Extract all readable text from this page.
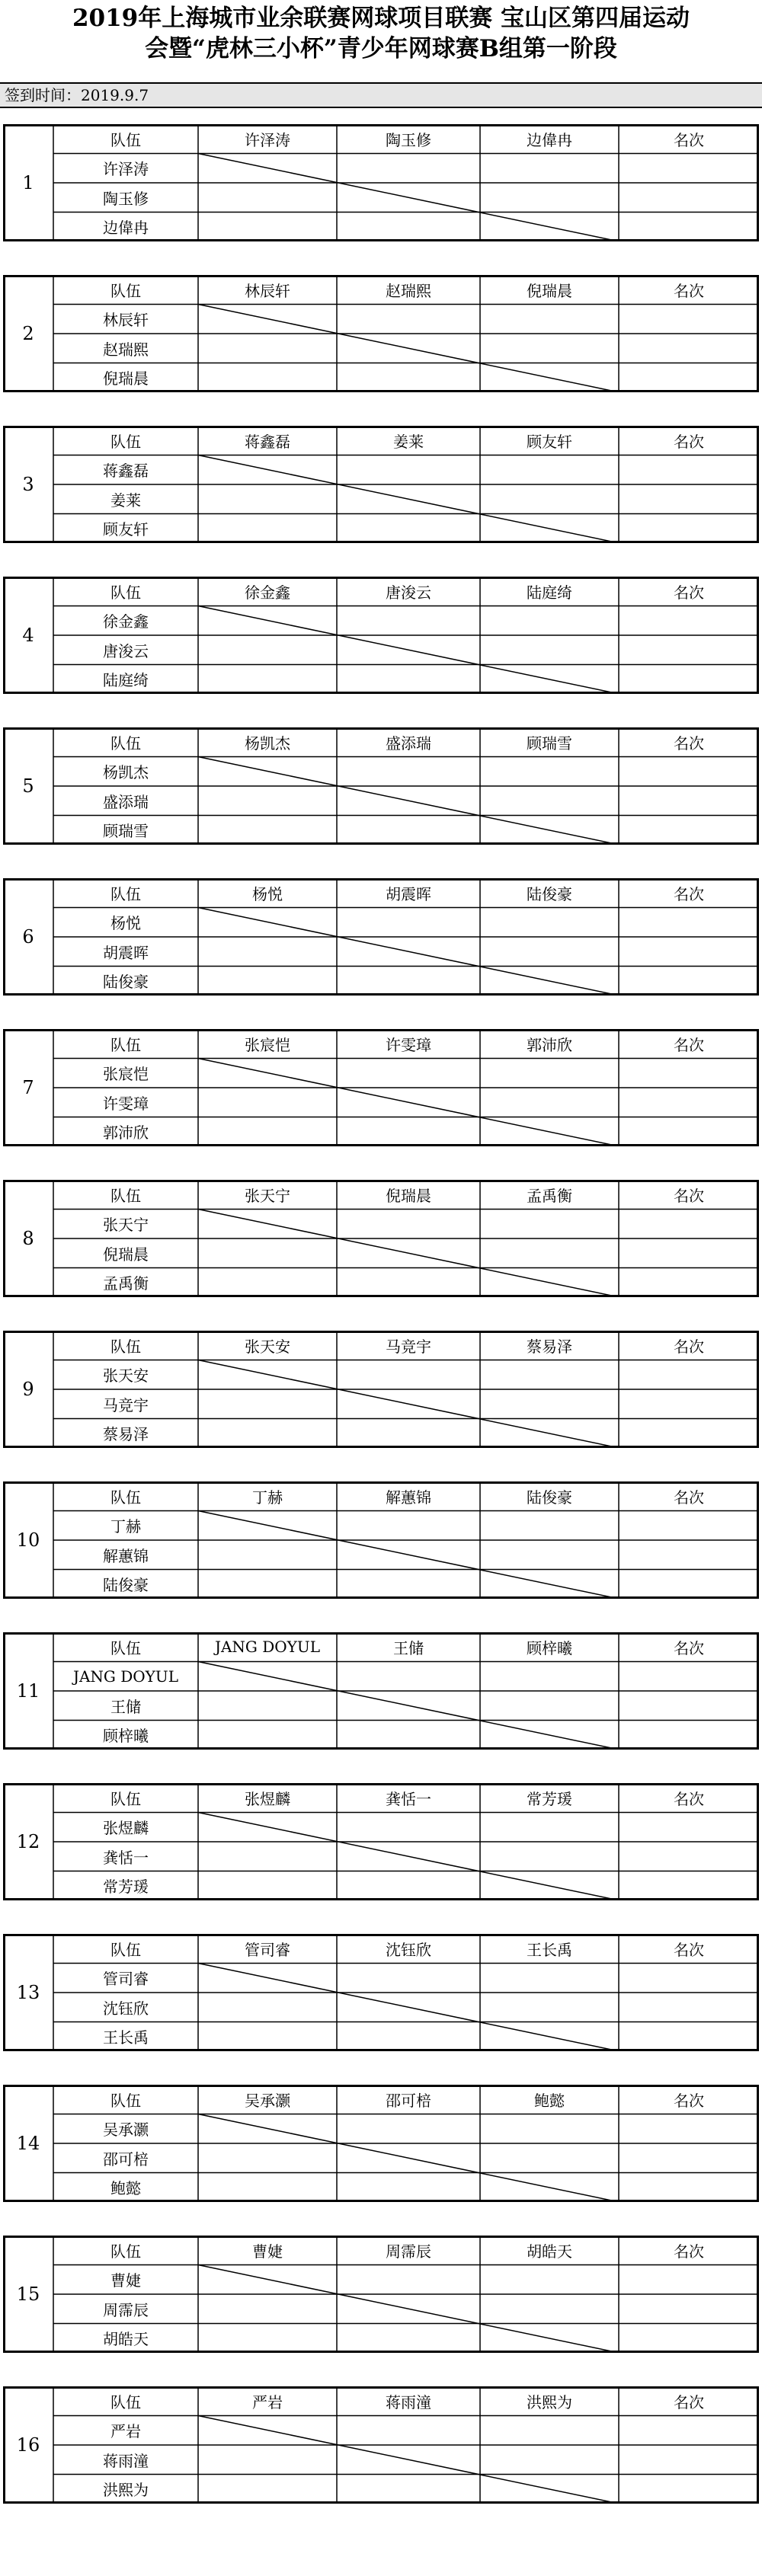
2019年上海城市业余联赛网球项目联赛 宝山区第四届运动
会暨“虎林三小杯”青少年网球赛B组第一阶段
签到时间：2019.9.7
1
队伍	许泽涛	陶玉修	边偉冉	名次
许泽涛
陶玉修
边偉冉
2
队伍	林辰轩	赵瑞熙	倪瑞晨	名次
林辰轩
赵瑞熙
倪瑞晨
3
队伍	蒋鑫磊	姜莱	顾友轩	名次
蒋鑫磊
姜莱
顾友轩
4
队伍	徐金鑫	唐浚云	陆庭绮	名次
徐金鑫
唐浚云
陆庭绮
5
队伍	杨凯杰	盛添瑞	顾瑞雪	名次
杨凯杰
盛添瑞
顾瑞雪
6
队伍	杨悦	胡震晖	陆俊豪	名次
杨悦
胡震晖
陆俊豪
7
队伍	张宸恺	许雯璋	郭沛欣	名次
张宸恺
许雯璋
郭沛欣
8
队伍	张天宁	倪瑞晨	孟禹衡	名次
张天宁
倪瑞晨
孟禹衡
9
队伍	张天安	马竞宇	蔡易泽	名次
张天安
马竞宇
蔡易泽
10
队伍	丁赫	解蕙锦	陆俊豪	名次
丁赫
解蕙锦
陆俊豪
11
队伍	JANG DOYUL	王储	顾梓曦	名次
JANG DOYUL
王储
顾梓曦
12
队伍	张煜麟	龚恬一	常芳瑗	名次
张煜麟
龚恬一
常芳瑗
13
队伍	管司睿	沈钰欣	王长禹	名次
管司睿
沈钰欣
王长禹
14
队伍	吴承灏	邵可棓	鲍懿	名次
吴承灏
邵可棓
鲍懿
15
队伍	曹婕	周霈辰	胡皓天	名次
曹婕
周霈辰
胡皓天
16
队伍	严岩	蒋雨潼	洪熙为	名次
严岩
蒋雨潼
洪熙为
